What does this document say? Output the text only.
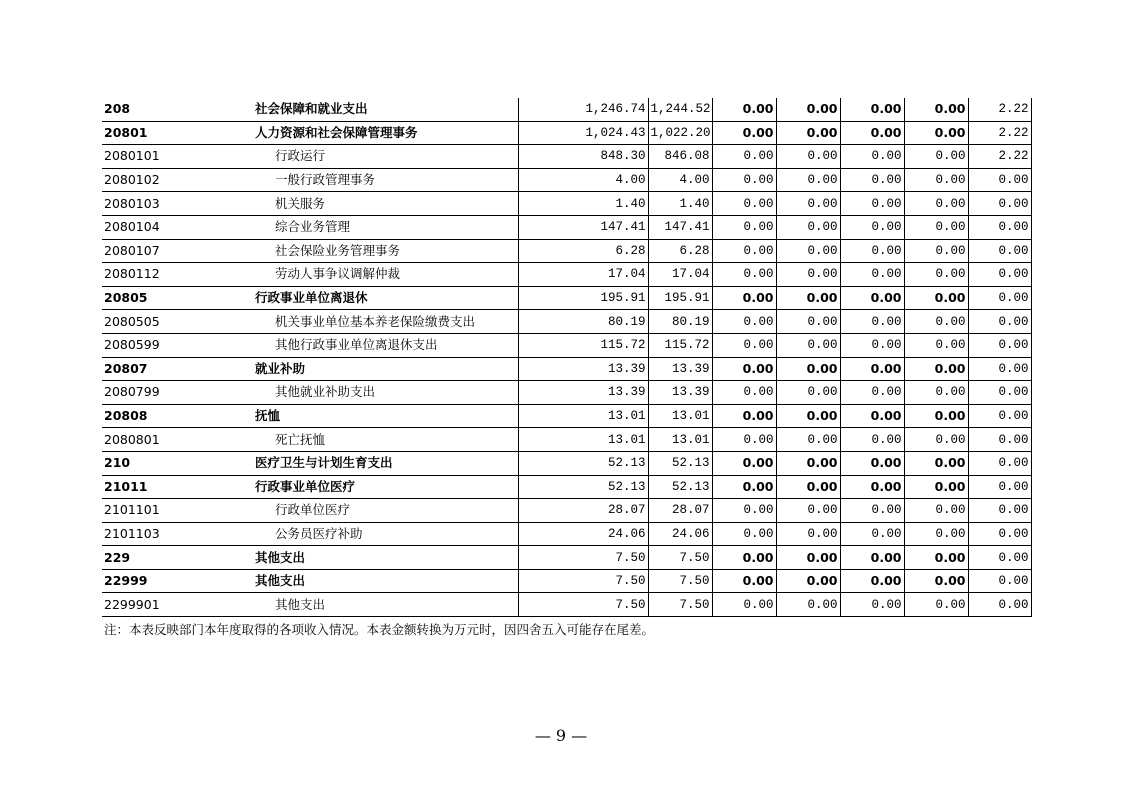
208	社会保障和就业支出	1,246.74	1,244.52	0.00	0.00	0.00	0.00	2.22
20801	人力资源和社会保障管理事务	1,024.43	1,022.20	0.00	0.00	0.00	0.00	2.22
2080101	行政运行	848.30	846.08	0.00	0.00	0.00	0.00	2.22
2080102	一般行政管理事务	4.00	4.00	0.00	0.00	0.00	0.00	0.00
2080103	机关服务	1.40	1.40	0.00	0.00	0.00	0.00	0.00
2080104	综合业务管理	147.41	147.41	0.00	0.00	0.00	0.00	0.00
2080107	社会保险业务管理事务	6.28	6.28	0.00	0.00	0.00	0.00	0.00
2080112	劳动人事争议调解仲裁	17.04	17.04	0.00	0.00	0.00	0.00	0.00
20805	行政事业单位离退休	195.91	195.91	0.00	0.00	0.00	0.00	0.00
2080505	机关事业单位基本养老保险缴费支出	80.19	80.19	0.00	0.00	0.00	0.00	0.00
2080599	其他行政事业单位离退休支出	115.72	115.72	0.00	0.00	0.00	0.00	0.00
20807	就业补助	13.39	13.39	0.00	0.00	0.00	0.00	0.00
2080799	其他就业补助支出	13.39	13.39	0.00	0.00	0.00	0.00	0.00
20808	抚恤	13.01	13.01	0.00	0.00	0.00	0.00	0.00
2080801	死亡抚恤	13.01	13.01	0.00	0.00	0.00	0.00	0.00
210	医疗卫生与计划生育支出	52.13	52.13	0.00	0.00	0.00	0.00	0.00
21011	行政事业单位医疗	52.13	52.13	0.00	0.00	0.00	0.00	0.00
2101101	行政单位医疗	28.07	28.07	0.00	0.00	0.00	0.00	0.00
2101103	公务员医疗补助	24.06	24.06	0.00	0.00	0.00	0.00	0.00
229	其他支出	7.50	7.50	0.00	0.00	0.00	0.00	0.00
22999	其他支出	7.50	7.50	0.00	0.00	0.00	0.00	0.00
2299901	其他支出	7.50	7.50	0.00	0.00	0.00	0.00	0.00
注：本表反映部门本年度取得的各项收入情况。本表金额转换为万元时，因四舍五入可能存在尾差。
— 9 —
